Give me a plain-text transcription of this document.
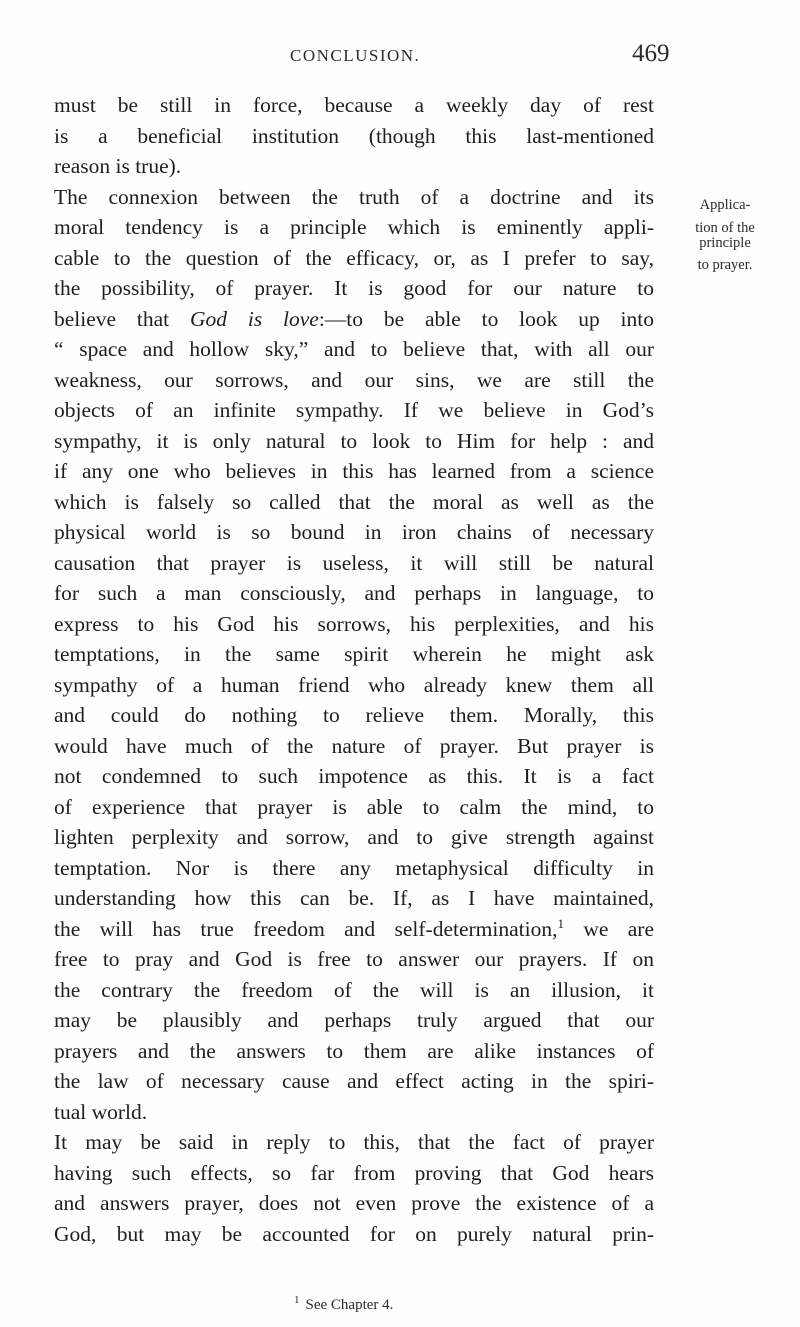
CONCLUSION.	469
must be still in force, because a weekly day of rest
is a beneficial institution (though this last-mentioned
reason is true).
The connexion between the truth of a doctrine and its
moral tendency is a principle which is eminently appli-
cable to the question of the efficacy, or, as I prefer to say,
the possibility, of prayer. It is good for our nature to
believe that God is love:—to be able to look up into
“ space and hollow sky,” and to believe that, with all our
weakness, our sorrows, and our sins, we are still the
objects of an infinite sympathy. If we believe in God’s
sympathy, it is only natural to look to Him for help : and
if any one who believes in this has learned from a science
which is falsely so called that the moral as well as the
physical world is so bound in iron chains of necessary
causation that prayer is useless, it will still be natural
for such a man consciously, and perhaps in language, to
express to his God his sorrows, his perplexities, and his
temptations, in the same spirit wherein he might ask
sympathy of a human friend who already knew them all
and could do nothing to relieve them. Morally, this
would have much of the nature of prayer. But prayer is
not condemned to such impotence as this. It is a fact
of experience that prayer is able to calm the mind, to
lighten perplexity and sorrow, and to give strength against
temptation. Nor is there any metaphysical difficulty in
understanding how this can be. If, as I have maintained,
the will has true freedom and self-determination,$^1$ we are
free to pray and God is free to answer our prayers. If on
the contrary the freedom of the will is an illusion, it
may be plausibly and perhaps truly argued that our
prayers and the answers to them are alike instances of
the law of necessary cause and effect acting in the spiri-
tual world.
It may be said in reply to this, that the fact of prayer
having such effects, so far from proving that God hears
and answers prayer, does not even prove the existence of a
God, but may be accounted for on purely natural prin-
Applica-
tion of the
principle
to prayer.
$^1$ See Chapter 4.
